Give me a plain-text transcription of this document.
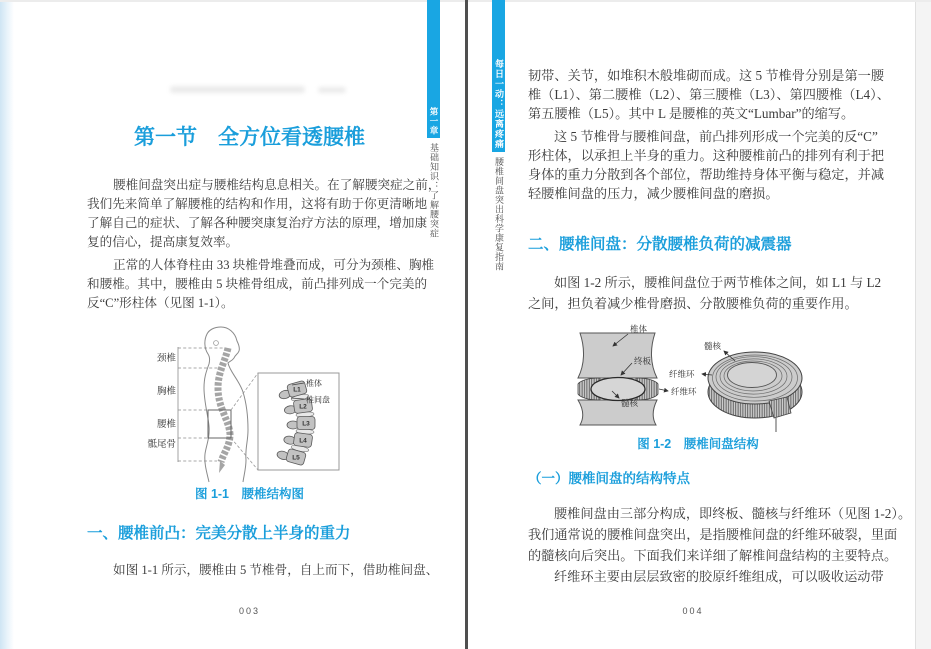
第一章
基础知识：了解腰突症
第一节　全方位看透腰椎
腰椎间盘突出症与腰椎结构息息相关。在了解腰突症之前，
我们先来简单了解腰椎的结构和作用，这将有助于你更清晰地
了解自己的症状、了解各种腰突康复治疗方法的原理，增加康
复的信心，提高康复效率。
正常的人体脊柱由 33 块椎骨堆叠而成，可分为颈椎、胸椎
和腰椎。其中，腰椎由 5 块椎骨组成，前凸排列成一个完美的
反“C”形柱体（见图 1-1）。
颈椎
胸椎
腰椎
骶尾骨
L1
L2
L3
L4
L5
椎体
椎间盘
图 1-1　腰椎结构图
一、腰椎前凸：完美分散上半身的重力
如图 1-1 所示，腰椎由 5 节椎骨，自上而下，借助椎间盘、
003
每日一动：远离疼痛
腰椎间盘突出科学康复指南
韧带、关节，如堆积木般堆砌而成。这 5 节椎骨分别是第一腰
椎（L1）、第二腰椎（L2）、第三腰椎（L3）、第四腰椎（L4）、
第五腰椎（L5）。其中 L 是腰椎的英文“Lumbar”的缩写。
这 5 节椎骨与腰椎间盘，前凸排列形成一个完美的反“C”
形柱体，以承担上半身的重力。这种腰椎前凸的排列有利于把
身体的重力分散到各个部位，帮助维持身体平衡与稳定，并减
轻腰椎间盘的压力，减少腰椎间盘的磨损。
二、腰椎间盘：分散腰椎负荷的减震器
如图 1-2 所示，腰椎间盘位于两节椎体之间，如 L1 与 L2
之间，担负着减少椎骨磨损、分散腰椎负荷的重要作用。
椎体
终板
纤维环
髓核
髓核
纤维环
图 1-2　腰椎间盘结构
（一）腰椎间盘的结构特点
腰椎间盘由三部分构成，即终板、髓核与纤维环（见图 1-2）。
我们通常说的腰椎间盘突出，是指腰椎间盘的纤维环破裂，里面
的髓核向后突出。下面我们来详细了解椎间盘结构的主要特点。
纤维环主要由层层致密的胶原纤维组成，可以吸收运动带
004
